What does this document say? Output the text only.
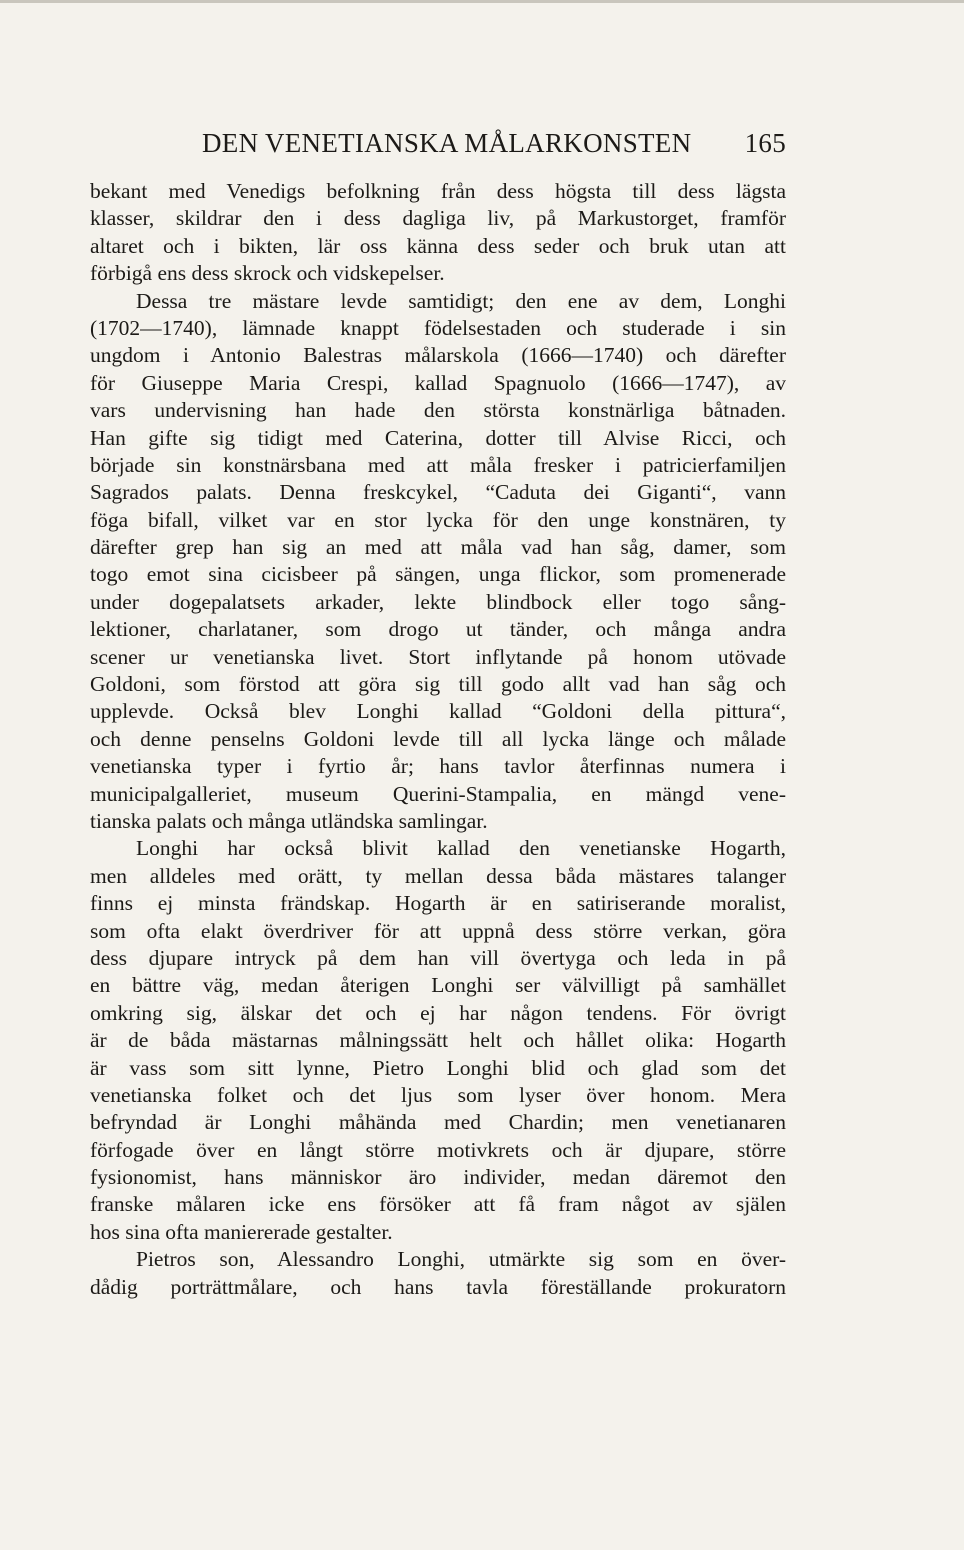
DEN VENETIANSKA MÅLARKONSTEN 165
bekant med Venedigs befolkning från dess högsta till dess lägsta
klasser, skildrar den i dess dagliga liv, på Markustorget, framför
altaret och i bikten, lär oss känna dess seder och bruk utan att
förbigå ens dess skrock och vidskepelser.
Dessa tre mästare levde samtidigt; den ene av dem, Longhi
(1702—1740), lämnade knappt födelsestaden och studerade i sin
ungdom i Antonio Balestras målarskola (1666—1740) och därefter
för Giuseppe Maria Crespi, kallad Spagnuolo (1666—1747), av
vars undervisning han hade den största konstnärliga båtnaden.
Han gifte sig tidigt med Caterina, dotter till Alvise Ricci, och
började sin konstnärsbana med att måla fresker i patricierfamiljen
Sagrados palats. Denna freskcykel, “Caduta dei Giganti“, vann
föga bifall, vilket var en stor lycka för den unge konstnären, ty
därefter grep han sig an med att måla vad han såg, damer, som
togo emot sina cicisbeer på sängen, unga flickor, som promenerade
under dogepalatsets arkader, lekte blindbock eller togo sång-
lektioner, charlataner, som drogo ut tänder, och många andra
scener ur venetianska livet. Stort inflytande på honom utövade
Goldoni, som förstod att göra sig till godo allt vad han såg och
upplevde. Också blev Longhi kallad “Goldoni della pittura“,
och denne penselns Goldoni levde till all lycka länge och målade
venetianska typer i fyrtio år; hans tavlor återfinnas numera i
municipalgalleriet, museum Querini-Stampalia, en mängd vene-
tianska palats och många utländska samlingar.
Longhi har också blivit kallad den venetianske Hogarth,
men alldeles med orätt, ty mellan dessa båda mästares talanger
finns ej minsta frändskap. Hogarth är en satiriserande moralist,
som ofta elakt överdriver för att uppnå dess större verkan, göra
dess djupare intryck på dem han vill övertyga och leda in på
en bättre väg, medan återigen Longhi ser välvilligt på samhället
omkring sig, älskar det och ej har någon tendens. För övrigt
är de båda mästarnas målningssätt helt och hållet olika: Hogarth
är vass som sitt lynne, Pietro Longhi blid och glad som det
venetianska folket och det ljus som lyser över honom. Mera
befryndad är Longhi måhända med Chardin; men venetianaren
förfogade över en långt större motivkrets och är djupare, större
fysionomist, hans människor äro individer, medan däremot den
franske målaren icke ens försöker att få fram något av själen
hos sina ofta maniererade gestalter.
Pietros son, Alessandro Longhi, utmärkte sig som en över-
dådig porträttmålare, och hans tavla föreställande prokuratorn
